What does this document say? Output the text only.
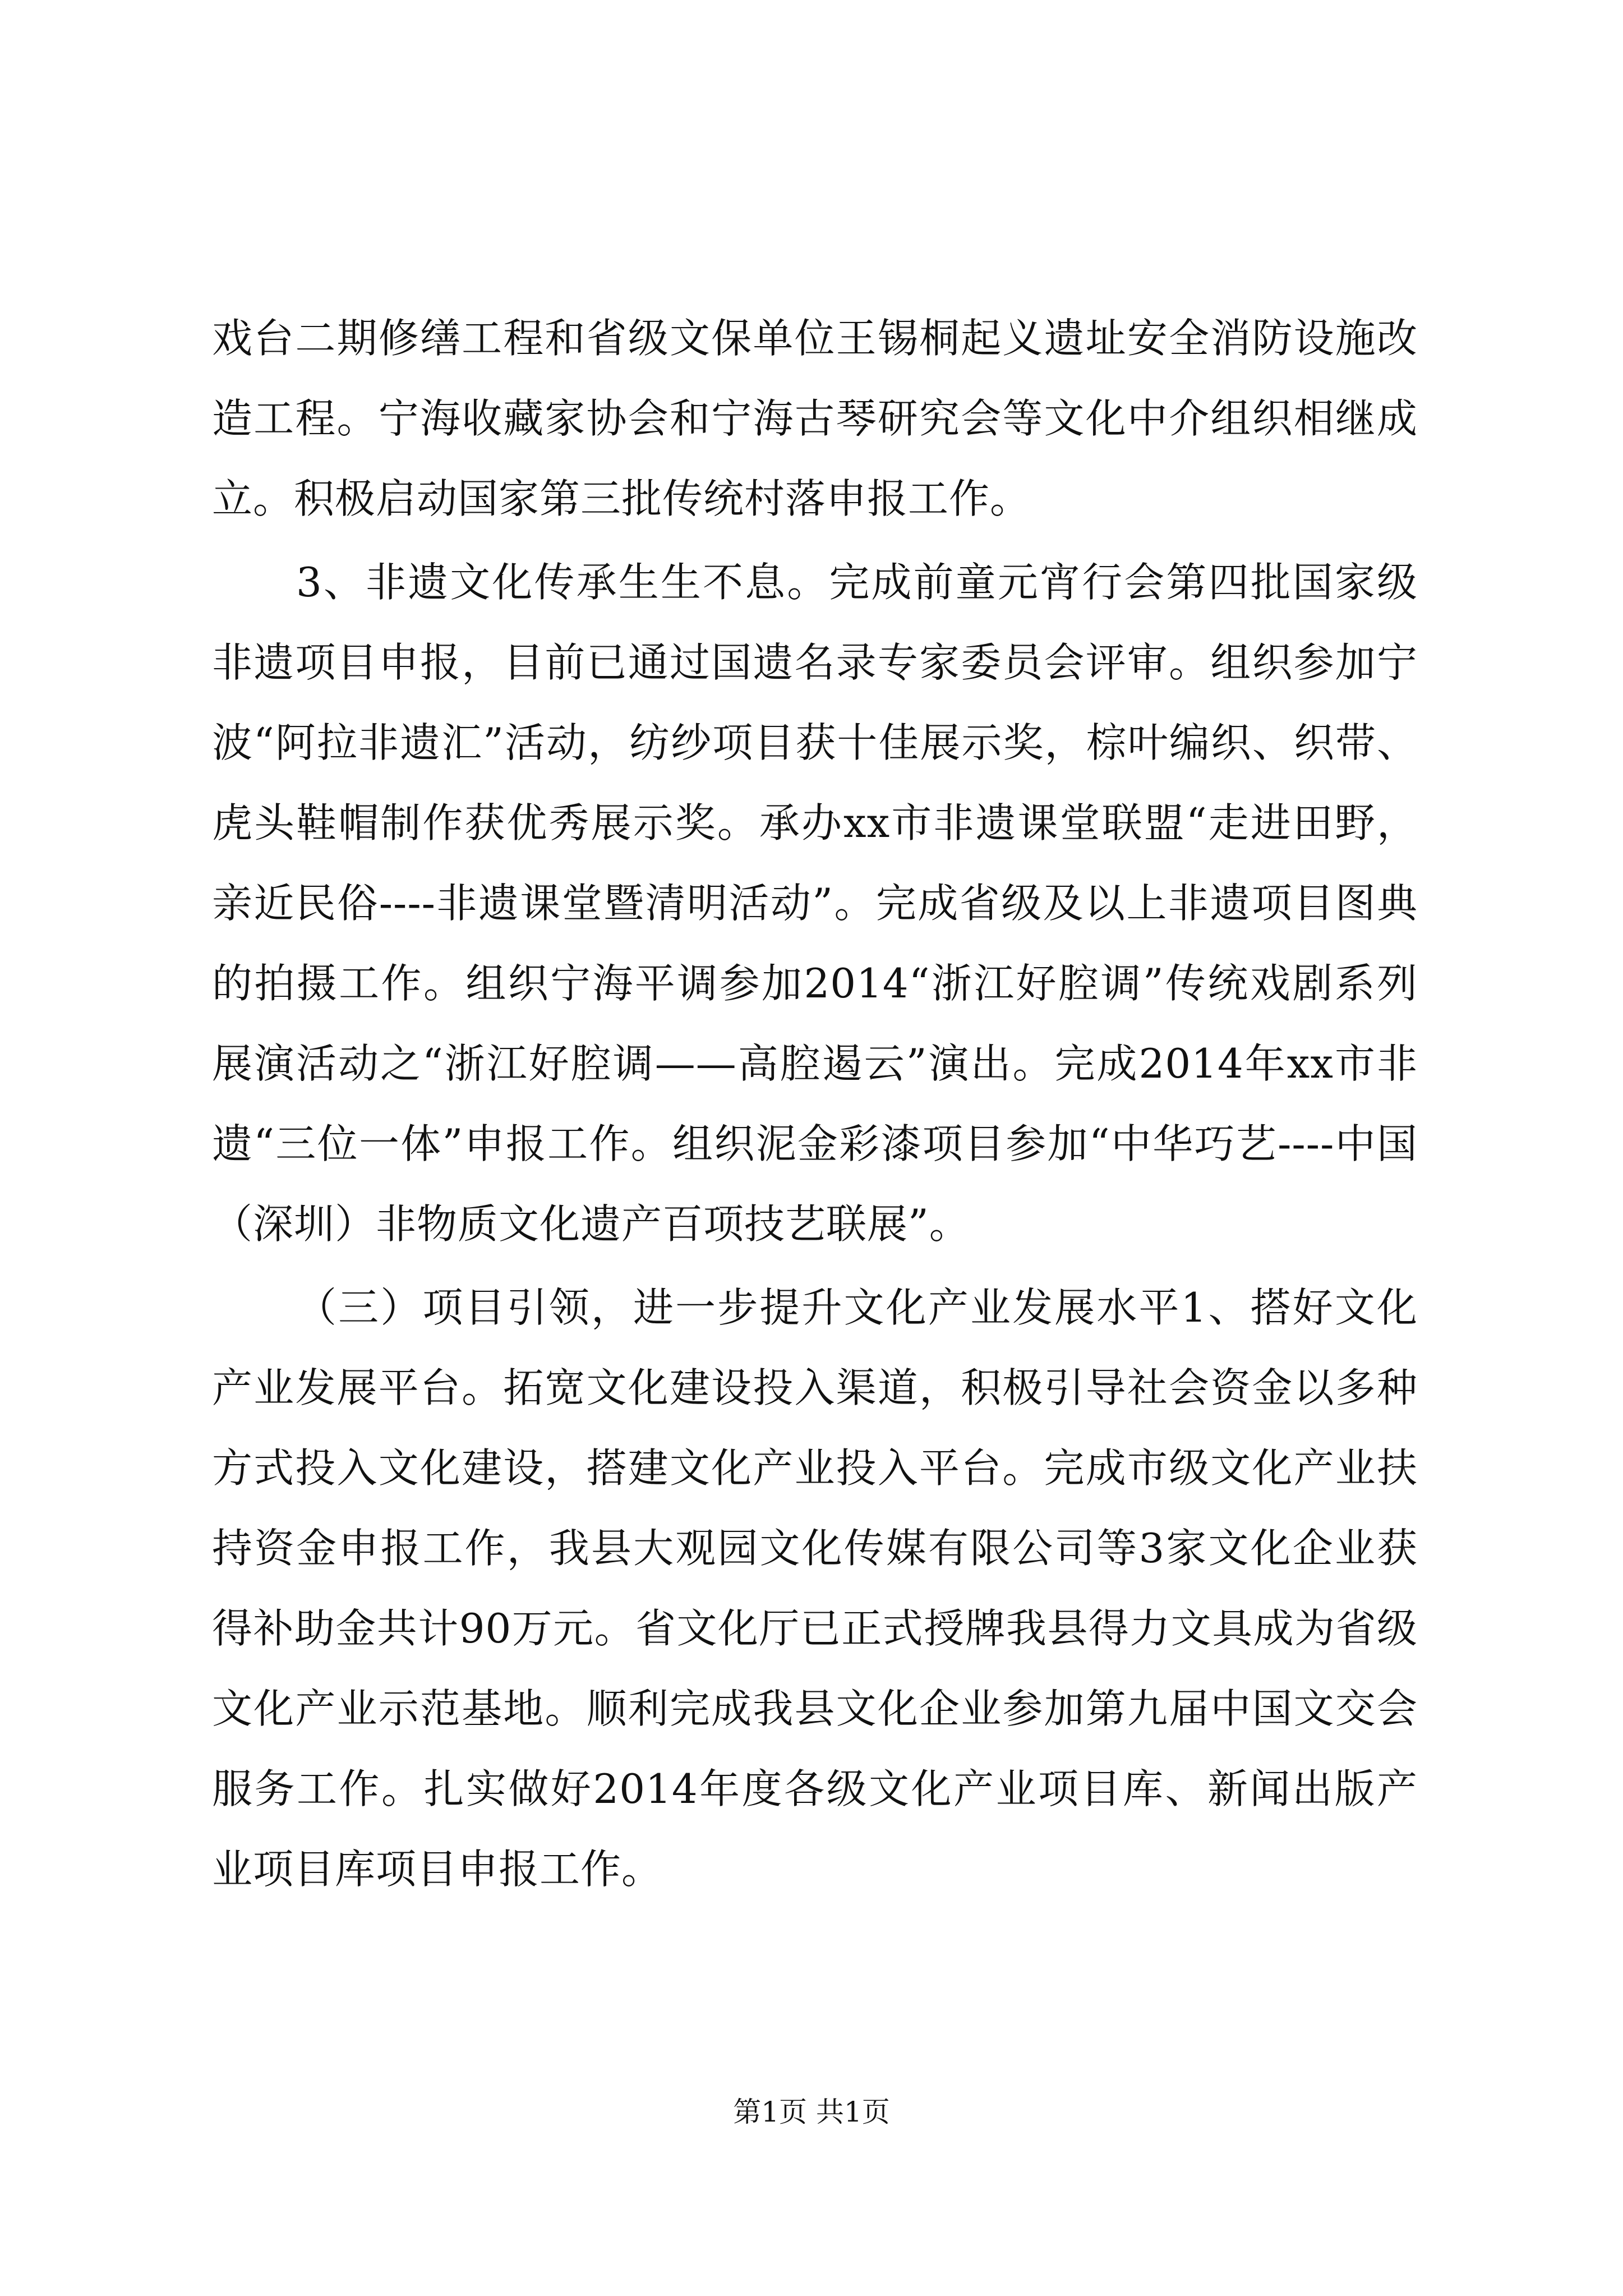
戏台二期修缮工程和省级文保单位王锡桐起义遗址安全消防设施改造工程。宁海收藏家协会和宁海古琴研究会等文化中介组织相继成立。积极启动国家第三批传统村落申报工作。

3、非遗文化传承生生不息。完成前童元宵行会第四批国家级非遗项目申报，目前已通过国遗名录专家委员会评审。组织参加宁波“阿拉非遗汇”活动，纺纱项目获十佳展示奖，棕叶编织、织带、虎头鞋帽制作获优秀展示奖。承办xx市非遗课堂联盟“走进田野，亲近民俗----非遗课堂暨清明活动”。完成省级及以上非遗项目图典的拍摄工作。组织宁海平调参加2014“浙江好腔调”传统戏剧系列展演活动之“浙江好腔调——高腔遏云”演出。完成2014年xx市非遗“三位一体”申报工作。组织泥金彩漆项目参加“中华巧艺----中国（深圳）非物质文化遗产百项技艺联展”。

（三）项目引领，进一步提升文化产业发展水平1、搭好文化产业发展平台。拓宽文化建设投入渠道，积极引导社会资金以多种方式投入文化建设，搭建文化产业投入平台。完成市级文化产业扶持资金申报工作，我县大观园文化传媒有限公司等3家文化企业获得补助金共计90万元。省文化厅已正式授牌我县得力文具成为省级文化产业示范基地。顺利完成我县文化企业参加第九届中国文交会服务工作。扎实做好2014年度各级文化产业项目库、新闻出版产业项目库项目申报工作。

第1页 共1页
